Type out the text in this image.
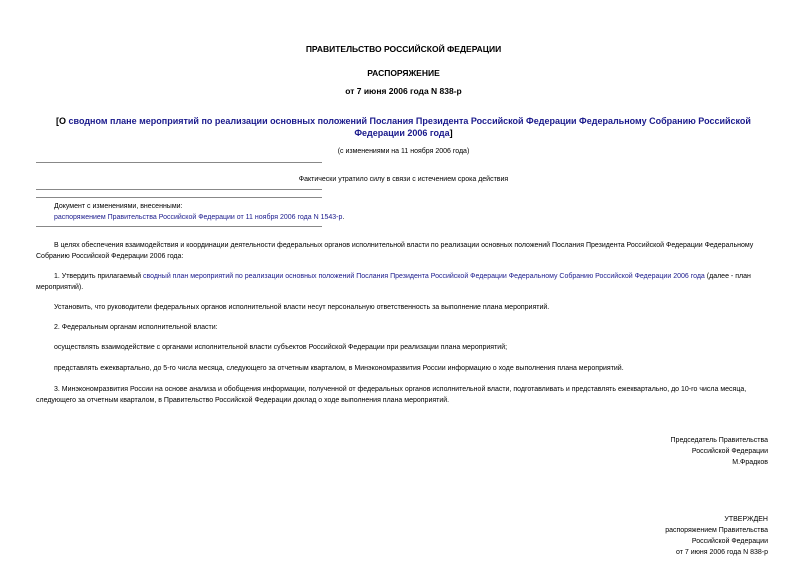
ПРАВИТЕЛЬСТВО РОССИЙСКОЙ ФЕДЕРАЦИИ
РАСПОРЯЖЕНИЕ
от 7 июня 2006 года N 838-р
[О сводном плане мероприятий по реализации основных положений Послания Президента Российской Федерации Федеральному Собранию Российской Федерации 2006 года]
(с изменениями на 11 ноября 2006 года)
Фактически утратило силу в связи с истечением срока действия
Документ с изменениями, внесенными:
распоряжением Правительства Российской Федерации от 11 ноября 2006 года N 1543-р.
В целях обеспечения взаимодействия и координации деятельности федеральных органов исполнительной власти по реализации основных положений Послания Президента Российской Федерации Федеральному Собранию Российской Федерации 2006 года:
1. Утвердить прилагаемый сводный план мероприятий по реализации основных положений Послания Президента Российской Федерации Федеральному Собранию Российской Федерации 2006 года (далее - план мероприятий).
Установить, что руководители федеральных органов исполнительной власти несут персональную ответственность за выполнение плана мероприятий.
2. Федеральным органам исполнительной власти:
осуществлять взаимодействие с органами исполнительной власти субъектов Российской Федерации при реализации плана мероприятий;
представлять ежеквартально, до 5-го числа месяца, следующего за отчетным кварталом, в Минэкономразвития России информацию о ходе выполнения плана мероприятий.
3. Минэкономразвития России на основе анализа и обобщения информации, полученной от федеральных органов исполнительной власти, подготавливать и представлять ежеквартально, до 10-го числа месяца, следующего за отчетным кварталом, в Правительство Российской Федерации доклад о ходе выполнения плана мероприятий.
Председатель Правительства
Российской Федерации
М.Фрадков
УТВЕРЖДЕН
распоряжением Правительства
Российской Федерации
от 7 июня 2006 года N 838-р
